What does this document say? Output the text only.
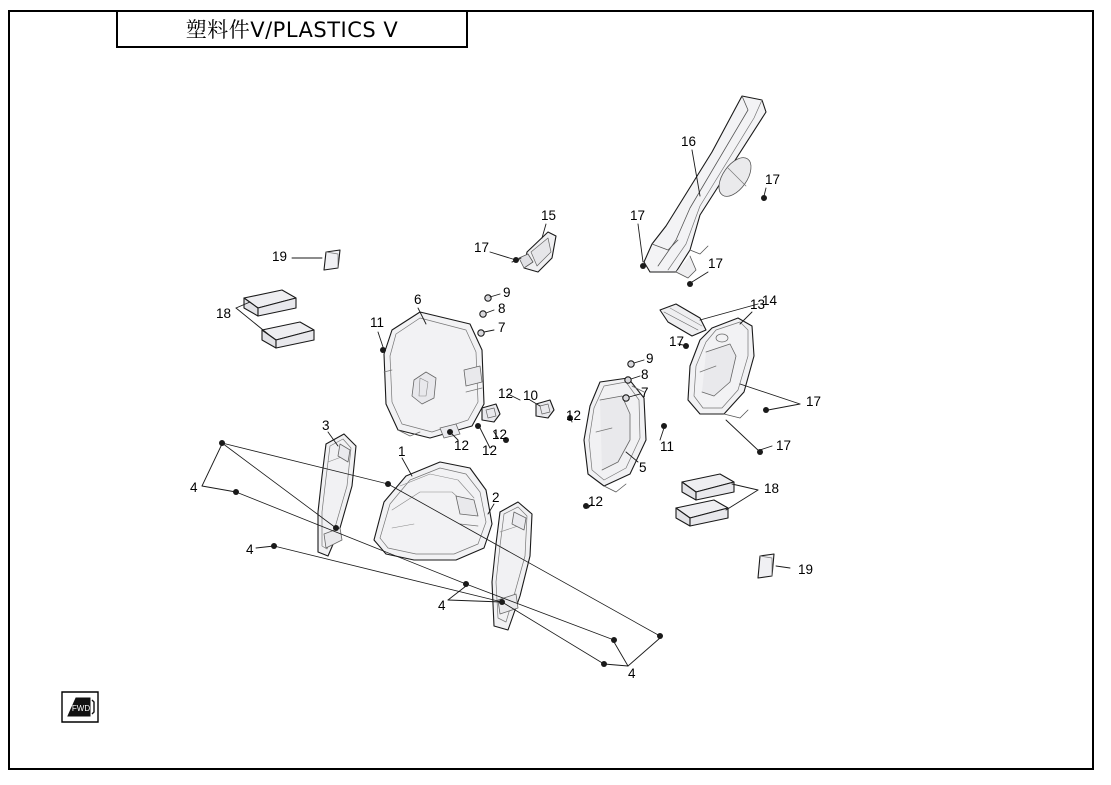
塑料件Ⅴ/PLASTICS Ⅴ
19
18
6
11
15
17
9
8
7
16
17
17
17
14
13
17
9
8
7
17
17
12 10
12
12
12
12
12
11
5
3
1
2
4
4
4
4
18
19
FWD
